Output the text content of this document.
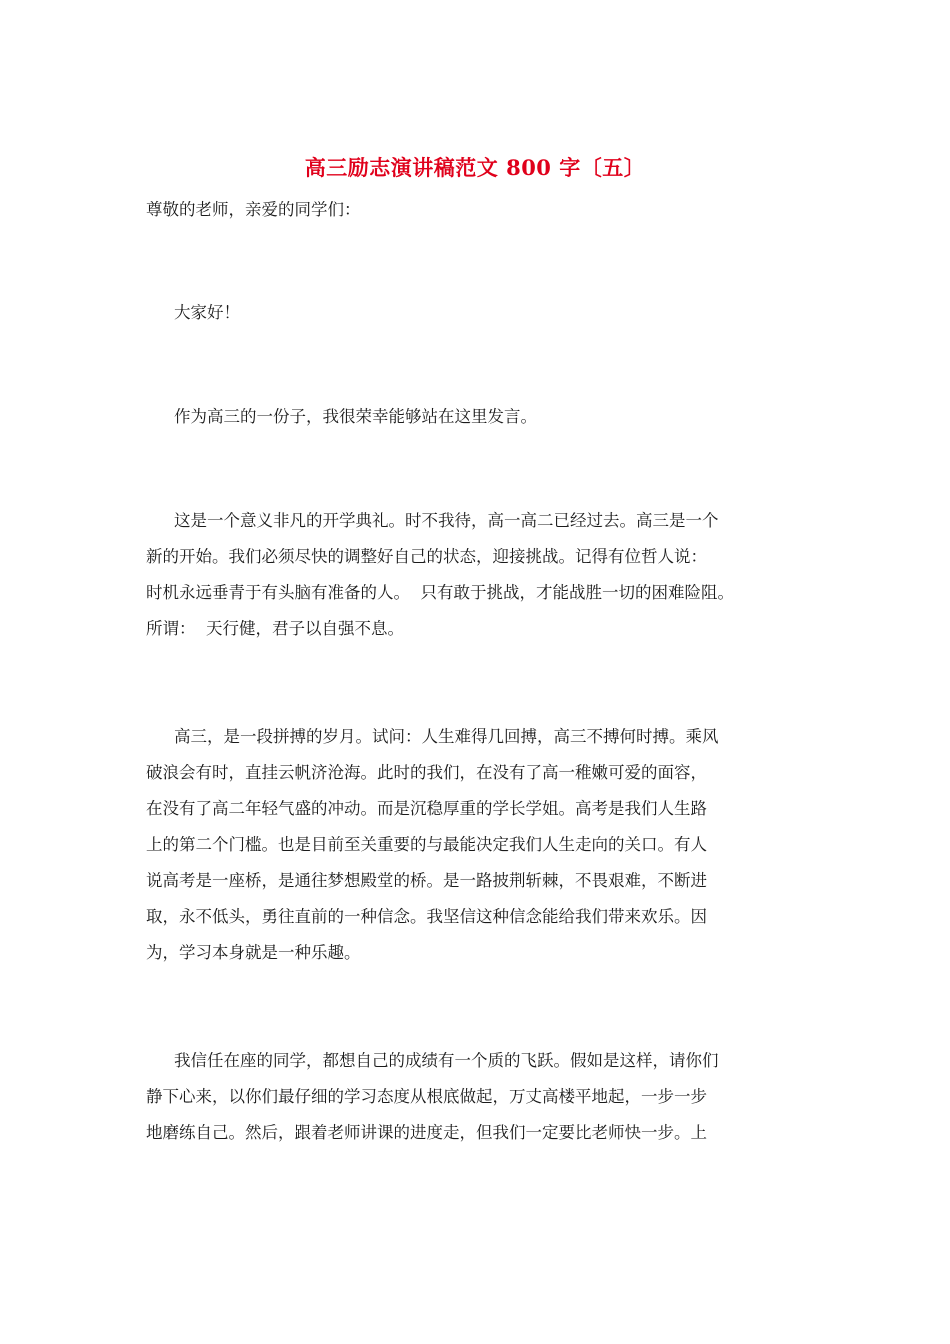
高三励志演讲稿范文 800 字〔五〕
尊敬的老师，亲爱的同学们：
大家好！
作为高三的一份子，我很荣幸能够站在这里发言。
这是一个意义非凡的开学典礼。时不我待，高一高二已经过去。高三是一个
新的开始。我们必须尽快的调整好自己的状态，迎接挑战。记得有位哲人说：
时机永远垂青于有头脑有准备的人。  只有敢于挑战，才能战胜一切的困难险阻。
所谓：  天行健，君子以自强不息。
高三，是一段拼搏的岁月。试问：人生难得几回搏，高三不搏何时搏。乘风
破浪会有时，直挂云帆济沧海。此时的我们，在没有了高一稚嫩可爱的面容，
在没有了高二年轻气盛的冲动。而是沉稳厚重的学长学姐。高考是我们人生路
上的第二个门槛。也是目前至关重要的与最能决定我们人生走向的关口。有人
说高考是一座桥，是通往梦想殿堂的桥。是一路披荆斩棘，不畏艰难，不断进
取，永不低头，勇往直前的一种信念。我坚信这种信念能给我们带来欢乐。因
为，学习本身就是一种乐趣。
我信任在座的同学，都想自己的成绩有一个质的飞跃。假如是这样，请你们
静下心来，以你们最仔细的学习态度从根底做起，万丈高楼平地起，一步一步
地磨练自己。然后，跟着老师讲课的进度走，但我们一定要比老师快一步。上
